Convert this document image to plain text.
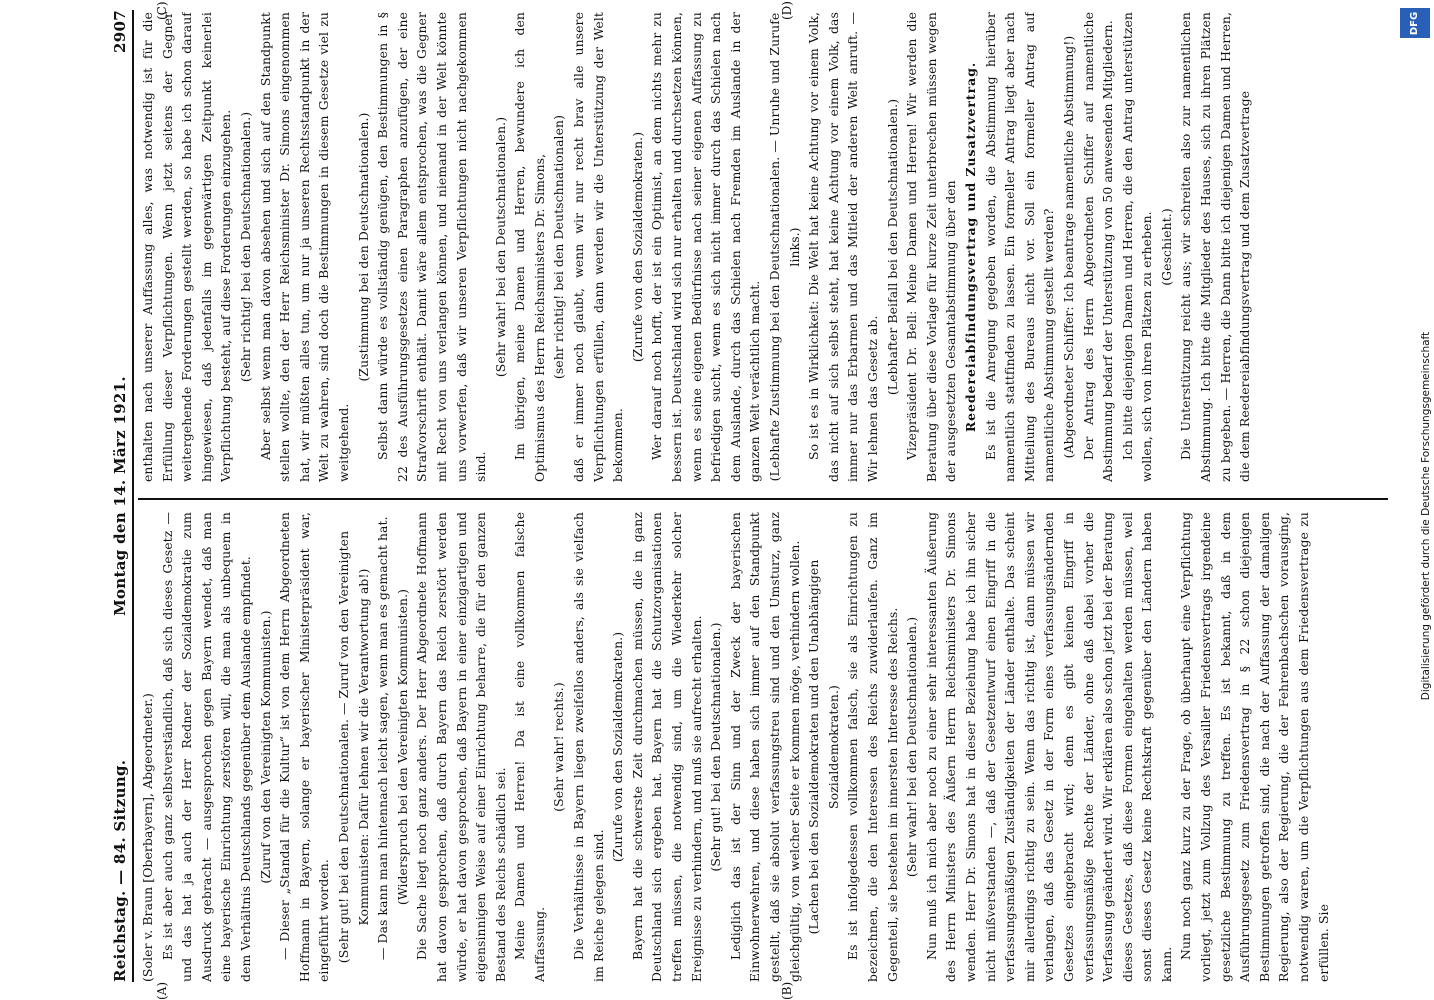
Reichstag. — 84. Sitzung.
Montag den 14. März 1921.
2907

(Soler v. Braun [Oberbayern], Abgeordneter.) Es ist aber auch ganz selbstverständlich, daß sich dieses Gesetz — und das hat ja auch der Herr Redner der Sozialdemokratie zum Ausdruck gebracht — ausgesprochen gegen Bayern wendet, daß man eine bayerische Einrichtung zerstören will, die man als unbequem in dem Verhältnis Deutschlands gegenüber dem Auslande empfindet. (Zuruf von den Vereinigten Kommunisten.) — Dieser „Standal für die Kultur“ ist von dem Herrn Abgeordneten Hoffmann in Bayern, solange er bayerischer Ministerpräsident war, eingeführt worden. (Sehr gut! bei den Deutschnationalen. — Zuruf von den Vereinigten Kommunisten: Dafür lehnen wir die Verantwortung ab!) — Das kann man hintennach leicht sagen, wenn man es gemacht hat. (Widerspruch bei den Vereinigten Kommunisten.) Die Sache liegt noch ganz anders. Der Herr Abgeordnete Hoffmann hat davon gesprochen, daß durch Bayern das Reich zerstört werden würde, er hat davon gesprochen, daß Bayern in einer einzigartigen und eigensinnigen Weise auf einer Einrichtung beharre, die für den ganzen Bestand des Reichs schädlich sei. Meine Damen und Herren! Da ist eine vollkommen falsche Auffassung.

(Sehr wahr! rechts.) Die Verhältnisse in Bayern liegen zweifellos anders, als sie vielfach im Reiche gelegen sind.

(Zurufe von den Sozialdemokraten.) Bayern hat die schwerste Zeit durchmachen müssen, die in ganz Deutschland sich ergeben hat. Bayern hat die Schutzorganisationen treffen müssen, die notwendig sind, um die Wiederkehr solcher Ereignisse zu verhindern, und muß sie aufrecht erhalten. (Sehr gut! bei den Deutschnationalen.) Lediglich das ist der Sinn und der Zweck der bayerischen Einwohnerwehren, und diese haben sich immer auf den Standpunkt gestellt, daß sie absolut verfassungstreu sind und den Umsturz, ganz gleichgültig, von welcher Seite er kommen möge, verhindern wollen. (Lachen bei den Sozialdemokraten und den Unabhängigen Sozialdemokraten.) Es ist infolgedessen vollkommen falsch, sie als Einrichtungen zu bezeichnen, die den Interessen des Reichs zuwiderlaufen. Ganz im Gegenteil, sie bestehen im innersten Interesse des Reichs. (Sehr wahr! bei den Deutschnationalen.) Nun muß ich mich aber noch zu einer sehr interessanten Äußerung des Herrn Ministers des Äußern Herrn Reichsministers Dr. Simons wenden. Herr Dr. Simons hat in dieser Beziehung habe ich ihn sicher nicht mißverstanden —, daß der Gesetzentwurf einen Eingriff in die verfassungsmäßigen Zuständigkeiten der Länder enthalte. Das scheint mir allerdings richtig zu sein. Wenn das richtig ist, dann müssen wir verlangen, daß das Gesetz in der Form eines verfassungsändernden Gesetzes eingebracht wird; denn es gibt keinen Eingriff in verfassungsmäßige Rechte der Länder, ohne daß dabei vorher die Verfassung geändert wird. Wir erklären also schon jetzt bei der Beratung dieses Gesetzes, daß diese Formen eingehalten werden müssen, weil sonst dieses Gesetz keine Rechtskraft gegenüber den Ländern haben kann.

Nun noch ganz kurz zu der Frage, ob überhaupt eine Verpflichtung vorliegt, jetzt zum Vollzug des Versailler Friedensvertrags irgendeine gesetzliche Bestimmung zu treffen. Es ist bekannt, daß in dem Ausführungsgesetz zum Friedensvertrag in § 22 schon diejenigen Bestimmungen getroffen sind, die nach der Auffassung der damaligen Regierung, also der Regierung, die der Fehrenbachschen vorausging, notwendig waren, um die Verpflichtungen aus dem Friedensvertrage zu erfüllen. Sie

enthalten nach unserer Auffassung alles, was notwendig ist für die Erfüllung dieser Verpflichtungen. Wenn jetzt seitens der Gegner weitergehende Forderungen gestellt werden, so habe ich schon darauf hingewiesen, daß jedenfalls im gegenwärtigen Zeitpunkt keinerlei Verpflichtung besteht, auf diese Forderungen einzugehen. (Sehr richtig! bei den Deutschnationalen.) Aber selbst wenn man davon absehen und sich auf den Standpunkt stellen wollte, den der Herr Reichsminister Dr. Simons eingenommen hat, wir müßten alles tun, um nur ja unseren Rechtsstandpunkt in der Welt zu wahren, sind doch die Bestimmungen in diesem Gesetze viel zu weitgehend.

(Zustimmung bei den Deutschnationalen.) Selbst dann würde es vollständig genügen, den Bestimmungen in § 22 des Ausführungsgesetzes einen Paragraphen anzufügen, der eine Strafvorschrift enthält. Damit wäre allem entsprochen, was die Gegner mit Recht von uns verlangen können, und niemand in der Welt könnte uns vorwerfen, daß wir unseren Verpflichtungen nicht nachgekommen sind.

(Sehr wahr! bei den Deutschnationalen.) Im übrigen, meine Damen und Herren, bewundere ich den Optimismus des Herrn Reichsministers Dr. Simons, (sehr richtig! bei den Deutschnationalen) daß er immer noch glaubt, wenn wir nur recht brav alle unsere Verpflichtungen erfüllen, dann werden wir die Unterstützung der Welt bekommen.

(Zurufe von den Sozialdemokraten.) Wer darauf noch hofft, der ist ein Optimist, an dem nichts mehr zu bessern ist. Deutschland wird sich nur erhalten und durchsetzen können, wenn es seine eigenen Bedürfnisse nach seiner eigenen Auffassung zu befriedigen sucht, wenn es sich nicht immer durch das Schielen nach dem Auslande, durch das Schielen nach Fremden im Auslande in der ganzen Welt verächtlich macht. (Lebhafte Zustimmung bei den Deutschnationalen. — Unruhe und Zurufe links.) So ist es in Wirklichkeit: Die Welt hat keine Achtung vor einem Volk, das nicht auf sich selbst steht, hat keine Achtung vor einem Volk, das immer nur das Erbarmen und das Mitleid der anderen Welt anruft. — Wir lehnen das Gesetz ab.

(Lebhafter Beifall bei den Deutschnationalen.) Vizepräsident Dr. Bell: Meine Damen und Herren! Wir werden die Beratung über diese Vorlage für kurze Zeit unterbrechen müssen wegen der ausgesetzten Gesamtabstimmung über den Reedereiabfindungsvertrag und Zusatzvertrag. Es ist die Anregung gegeben worden, die Abstimmung hierüber namentlich stattfinden zu lassen. Ein formeller Antrag liegt aber nach Mitteilung des Bureaus nicht vor. Soll ein formeller Antrag auf namentliche Abstimmung gestellt werden? (Abgeordneter Schiffer: Ich beantrage namentliche Abstimmung!) Der Antrag des Herrn Abgeordneten Schiffer auf namentliche Abstimmung bedarf der Unterstützung von 50 anwesenden Mitgliedern. Ich bitte diejenigen Damen und Herren, die den Antrag unterstützen wollen, sich von ihren Plätzen zu erheben. (Geschieht.) Die Unterstützung reicht aus; wir schreiten also zur namentlichen Abstimmung. Ich bitte die Mitglieder des Hauses, sich zu ihren Plätzen zu begeben. — Herren, die Dann bitte ich diejenigen Damen und Herren, die dem Reedereiabfindungsvertrag und dem Zusatzvertrage

(A)	(B)
(C)	(D)
DFG
Digitalisierung gefördert durch die Deutsche Forschungsgemeinschaft
